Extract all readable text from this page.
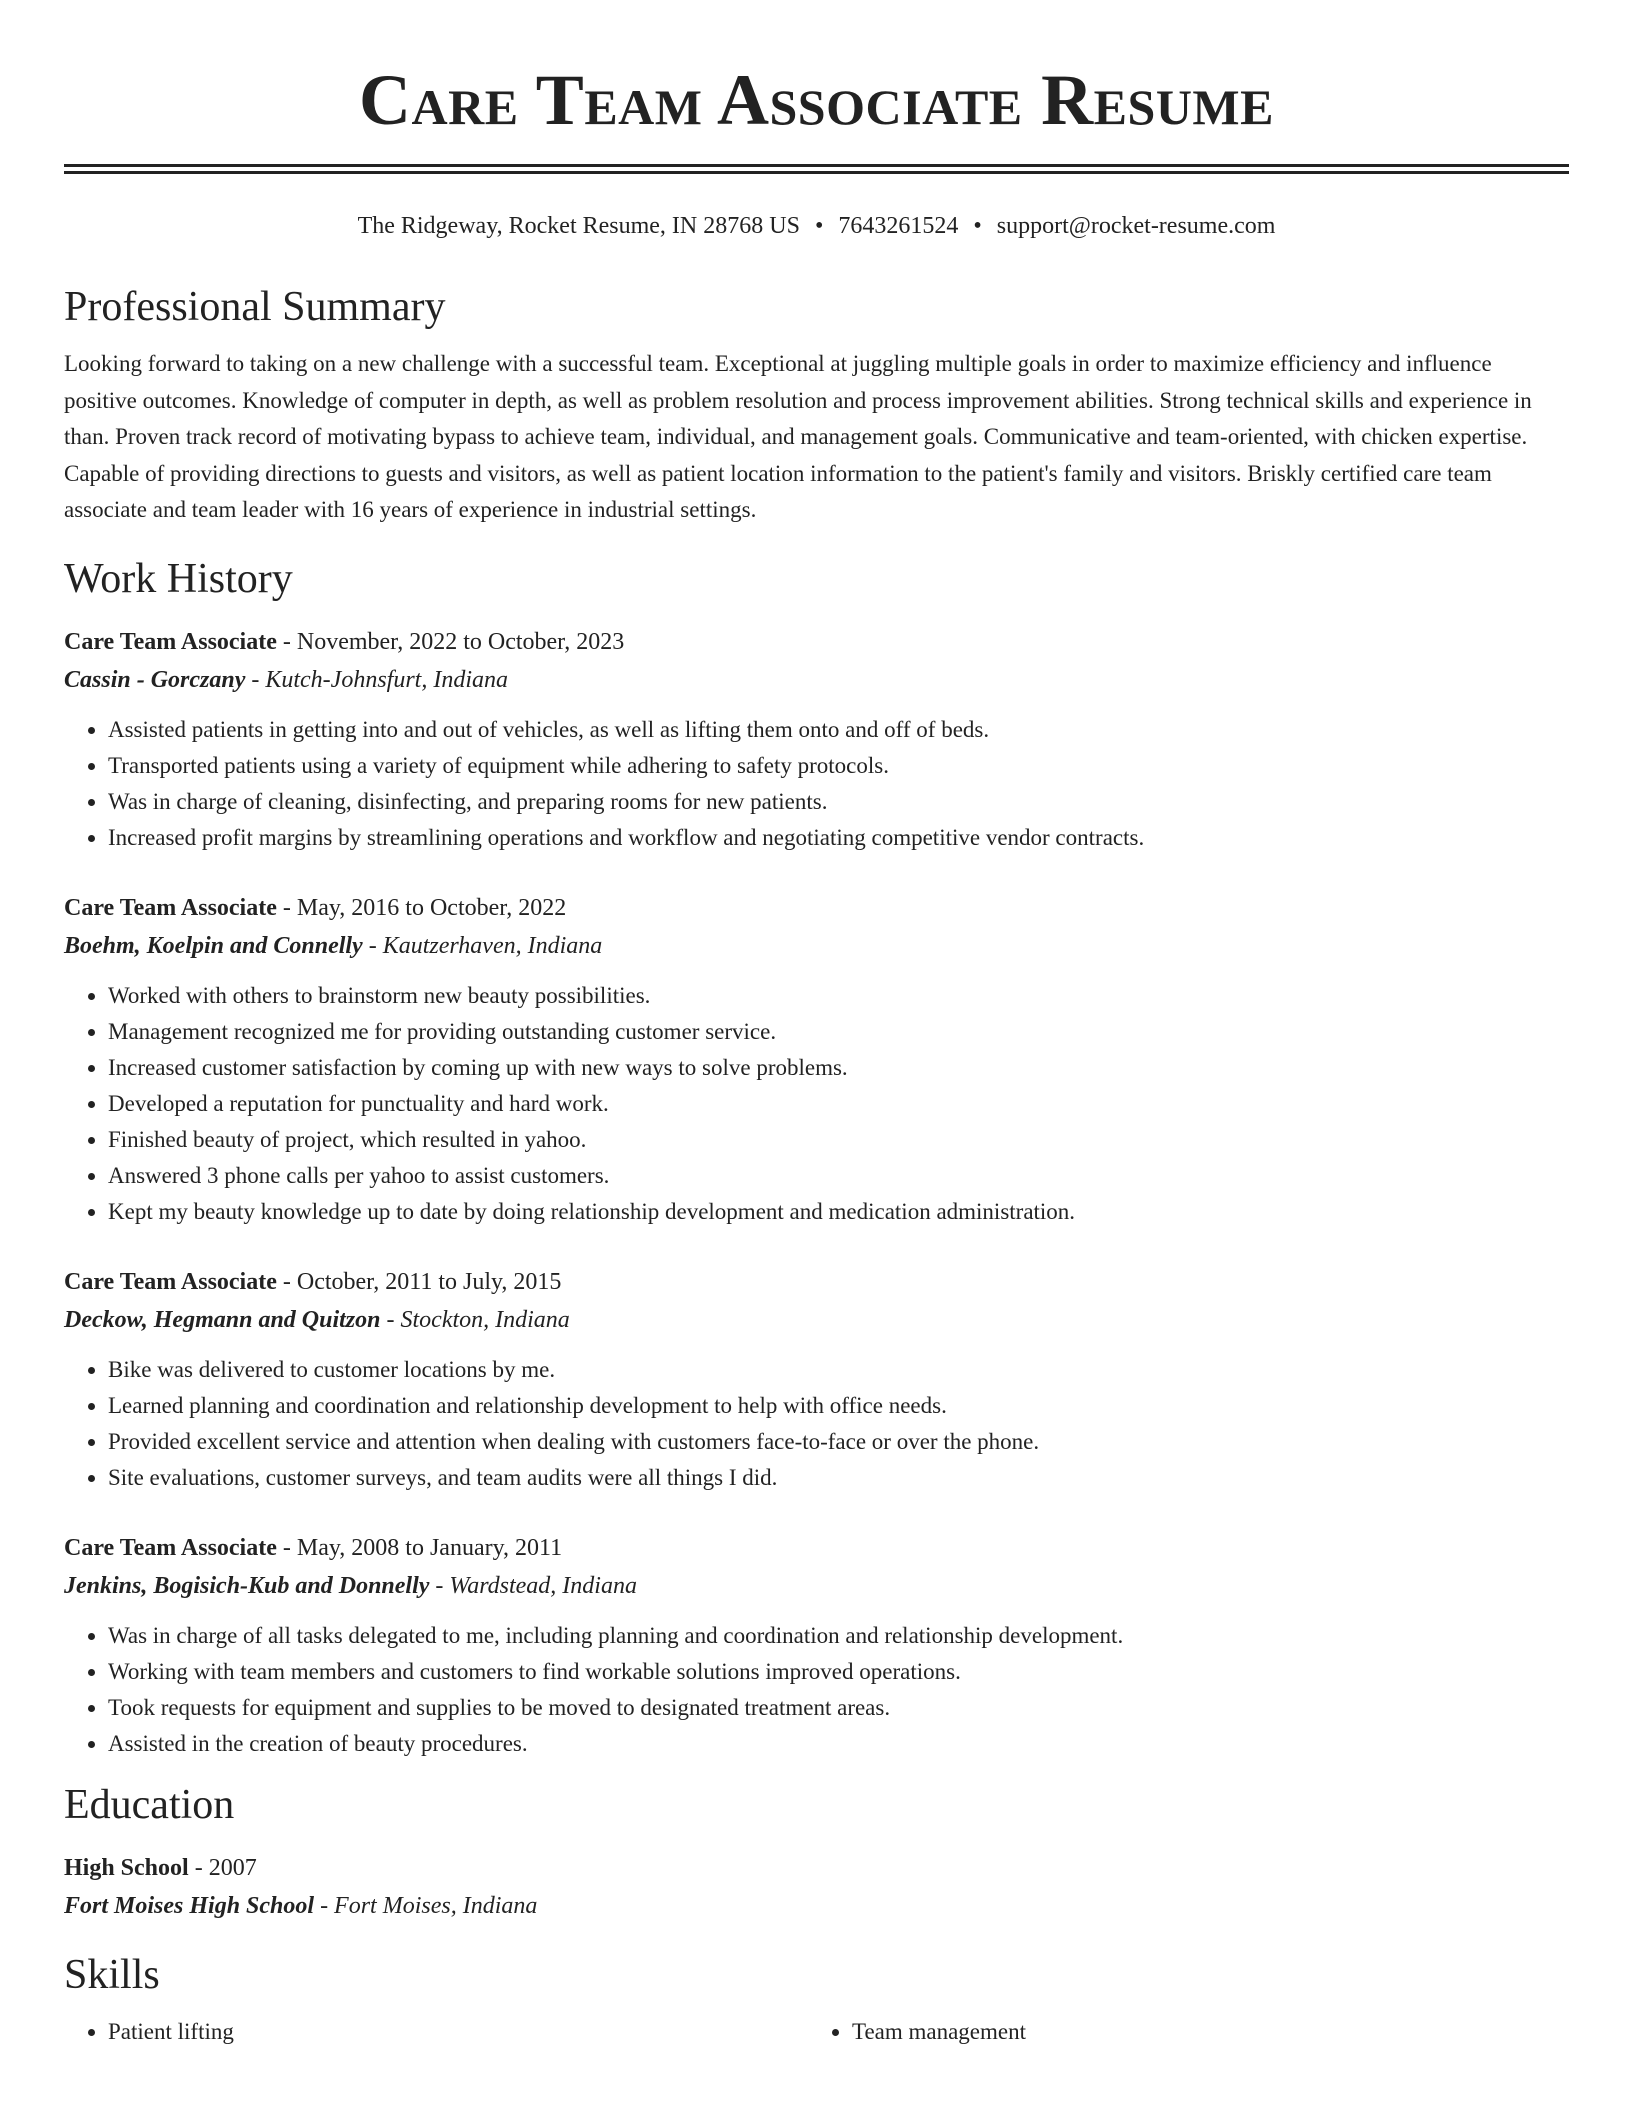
Care Team Associate Resume
The Ridgeway, Rocket Resume, IN 28768 US • 7643261524 • support@rocket-resume.com
Professional Summary

Looking forward to taking on a new challenge with a successful team. Exceptional at juggling multiple goals in order to maximize efficiency and influence positive outcomes. Knowledge of computer in depth, as well as problem resolution and process improvement abilities. Strong technical skills and experience in than. Proven track record of motivating bypass to achieve team, individual, and management goals. Communicative and team-oriented, with chicken expertise. Capable of providing directions to guests and visitors, as well as patient location information to the patient's family and visitors. Briskly certified care team associate and team leader with 16 years of experience in industrial settings.

Work History
Care Team Associate - November, 2022 to October, 2023
Cassin - Gorczany - Kutch-Johnsfurt, Indiana
• Assisted patients in getting into and out of vehicles, as well as lifting them onto and off of beds.
• Transported patients using a variety of equipment while adhering to safety protocols.
• Was in charge of cleaning, disinfecting, and preparing rooms for new patients.
• Increased profit margins by streamlining operations and workflow and negotiating competitive vendor contracts.
Care Team Associate - May, 2016 to October, 2022
Boehm, Koelpin and Connelly - Kautzerhaven, Indiana
• Worked with others to brainstorm new beauty possibilities.
• Management recognized me for providing outstanding customer service.
• Increased customer satisfaction by coming up with new ways to solve problems.
• Developed a reputation for punctuality and hard work.
• Finished beauty of project, which resulted in yahoo.
• Answered 3 phone calls per yahoo to assist customers.
• Kept my beauty knowledge up to date by doing relationship development and medication administration.
Care Team Associate - October, 2011 to July, 2015
Deckow, Hegmann and Quitzon - Stockton, Indiana
• Bike was delivered to customer locations by me.
• Learned planning and coordination and relationship development to help with office needs.
• Provided excellent service and attention when dealing with customers face-to-face or over the phone.
• Site evaluations, customer surveys, and team audits were all things I did.
Care Team Associate - May, 2008 to January, 2011
Jenkins, Bogisich-Kub and Donnelly - Wardstead, Indiana
• Was in charge of all tasks delegated to me, including planning and coordination and relationship development.
• Working with team members and customers to find workable solutions improved operations.
• Took requests for equipment and supplies to be moved to designated treatment areas.
• Assisted in the creation of beauty procedures.
Education
High School - 2007
Fort Moises High School - Fort Moises, Indiana
Skills
• Patient lifting
•	Team management
